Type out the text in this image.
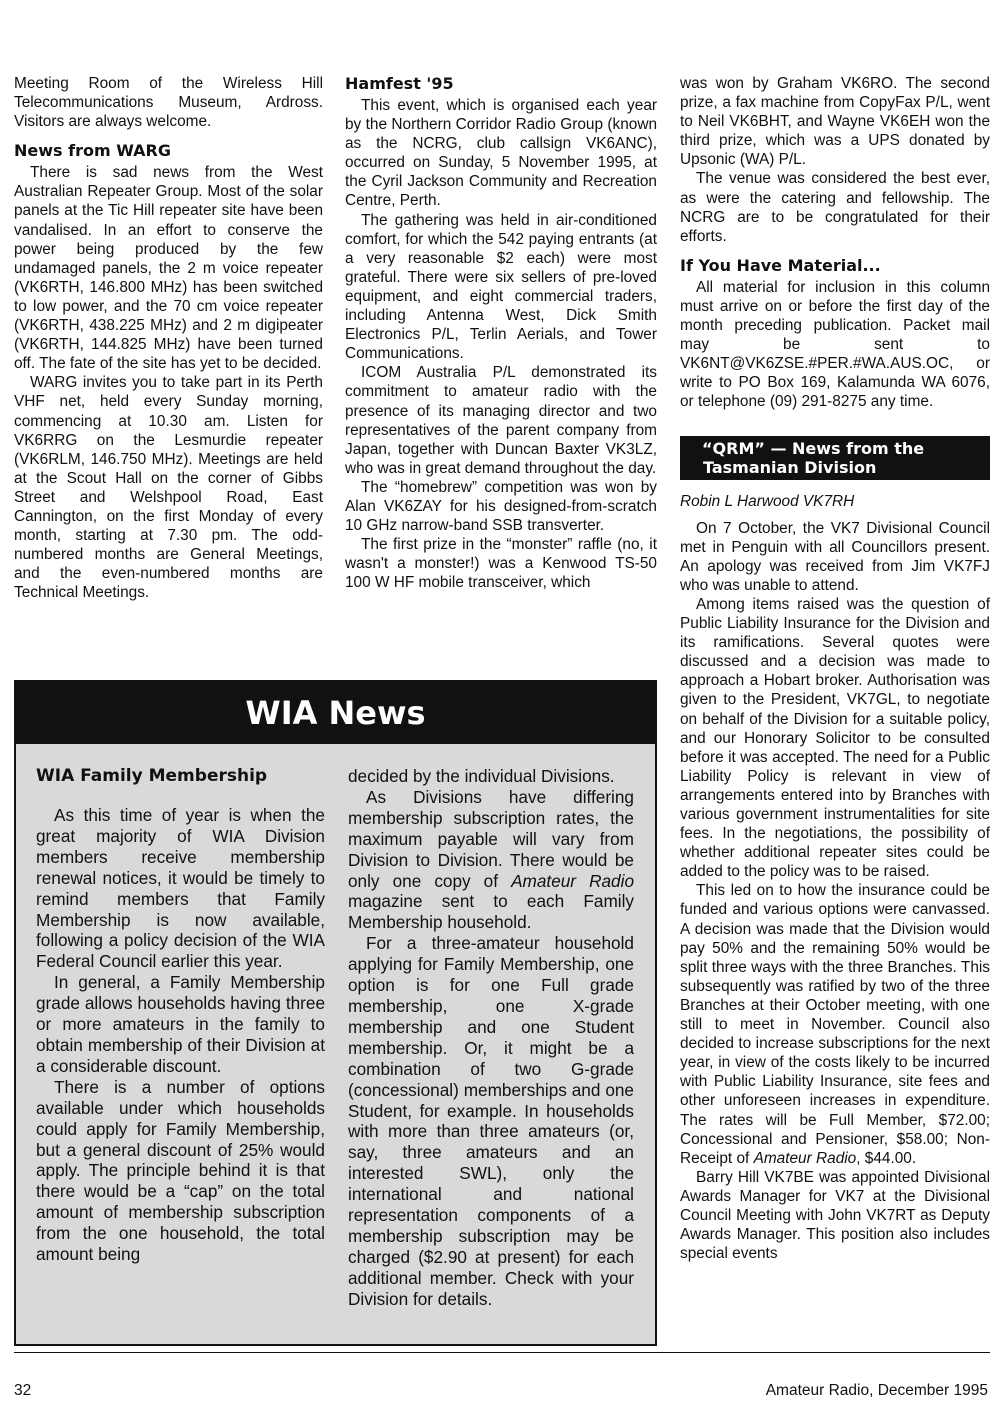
Meeting Room of the Wireless Hill Telecommunications Museum, Ardross. Visitors are always welcome.

News from WARG

There is sad news from the West Australian Repeater Group. Most of the solar panels at the Tic Hill repeater site have been vandalised. In an effort to conserve the power being produced by the few undamaged panels, the 2 m voice repeater (VK6RTH, 146.800 MHz) has been switched to low power, and the 70 cm voice repeater (VK6RTH, 438.225 MHz) and 2 m digipeater (VK6RTH, 144.825 MHz) have been turned off. The fate of the site has yet to be decided.

WARG invites you to take part in its Perth VHF net, held every Sunday morning, commencing at 10.30 am. Listen for VK6RRG on the Lesmurdie repeater (VK6RLM, 146.750 MHz). Meetings are held at the Scout Hall on the corner of Gibbs Street and Welshpool Road, East Cannington, on the first Monday of every month, starting at 7.30 pm. The odd-numbered months are General Meetings, and the even-numbered months are Technical Meetings.

Hamfest '95

This event, which is organised each year by the Northern Corridor Radio Group (known as the NCRG, club callsign VK6ANC), occurred on Sunday, 5 November 1995, at the Cyril Jackson Community and Recreation Centre, Perth.

The gathering was held in air-conditioned comfort, for which the 542 paying entrants (at a very reasonable $2 each) were most grateful. There were six sellers of pre-loved equipment, and eight commercial traders, including Antenna West, Dick Smith Electronics P/L, Terlin Aerials, and Tower Communications.

ICOM Australia P/L demonstrated its commitment to amateur radio with the presence of its managing director and two representatives of the parent company from Japan, together with Duncan Baxter VK3LZ, who was in great demand throughout the day.

The “homebrew” competition was won by Alan VK6ZAY for his designed-from-scratch 10 GHz narrow-band SSB transverter.

The first prize in the “monster” raffle (no, it wasn't a monster!) was a Kenwood TS-50 100 W HF mobile transceiver, which

was won by Graham VK6RO. The second prize, a fax machine from CopyFax P/L, went to Neil VK6BHT, and Wayne VK6EH won the third prize, which was a UPS donated by Upsonic (WA) P/L.

The venue was considered the best ever, as were the catering and fellowship. The NCRG are to be congratulated for their efforts.

If You Have Material...

All material for inclusion in this column must arrive on or before the first day of the month preceding publication. Packet mail may be sent to VK6NT@VK6ZSE.#PER.#WA.AUS.OC, or write to PO Box 169, Kalamunda WA 6076, or telephone (09) 291-8275 any time.

“QRM” — News from the
Tasmanian Division

Robin L Harwood VK7RH

On 7 October, the VK7 Divisional Council met in Penguin with all Councillors present. An apology was received from Jim VK7FJ who was unable to attend.

Among items raised was the question of Public Liability Insurance for the Division and its ramifications. Several quotes were discussed and a decision was made to approach a Hobart broker. Authorisation was given to the President, VK7GL, to negotiate on behalf of the Division for a suitable policy, and our Honorary Solicitor to be consulted before it was accepted. The need for a Public Liability Policy is relevant in view of arrangements entered into by Branches with various government instrumentalities for site fees. In the negotiations, the possibility of whether additional repeater sites could be added to the policy was to be raised.

This led on to how the insurance could be funded and various options were canvassed. A decision was made that the Division would pay 50% and the remaining 50% would be split three ways with the three Branches. This subsequently was ratified by two of the three Branches at their October meeting, with one still to meet in November. Council also decided to increase subscriptions for the next year, in view of the costs likely to be incurred with Public Liability Insurance, site fees and other unforeseen increases in expenditure. The rates will be Full Member, $72.00; Concessional and Pensioner, $58.00; Non-Receipt of Amateur Radio, $44.00.

Barry Hill VK7BE was appointed Divisional Awards Manager for VK7 at the Divisional Council Meeting with John VK7RT as Deputy Awards Manager. This position also includes special events

WIA News
WIA Family Membership

As this time of year is when the great majority of WIA Division members receive membership renewal notices, it would be timely to remind members that Family Membership is now available, following a policy decision of the WIA Federal Council earlier this year.

In general, a Family Membership grade allows households having three or more amateurs in the family to obtain membership of their Division at a considerable discount.

There is a number of options available under which households could apply for Family Membership, but a general discount of 25% would apply. The principle behind it is that there would be a “cap” on the total amount of membership subscription from the one household, the total amount being

decided by the individual Divisions.

As Divisions have differing membership subscription rates, the maximum payable will vary from Division to Division. There would be only one copy of Amateur Radio magazine sent to each Family Membership household.

For a three-amateur household applying for Family Membership, one option is for one Full grade membership, one X-grade membership and one Student membership. Or, it might be a combination of two G-grade (concessional) memberships and one Student, for example. In households with more than three amateurs (or, say, three amateurs and an interested SWL), only the international and national representation components of a membership subscription may be charged ($2.90 at present) for each additional member. Check with your Division for details.

32	Amateur Radio, December 1995
